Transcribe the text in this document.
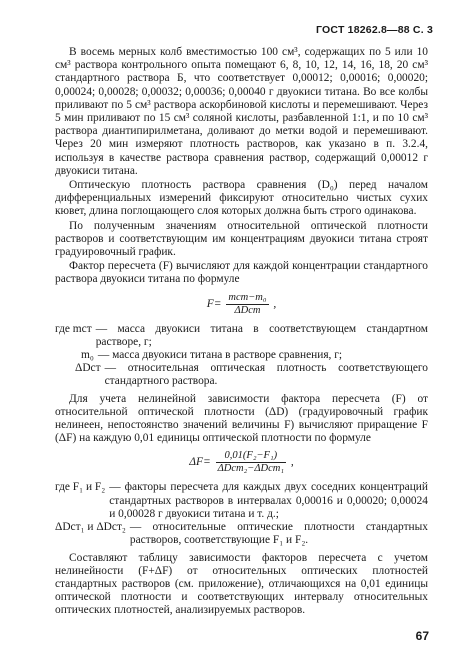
ГОСТ 18262.8—88 С. 3

В восемь мерных колб вместимостью 100 см³, содержащих по 5 или 10 см³ раствора контрольного опыта помещают 6, 8, 10, 12, 14, 16, 18, 20 см³ стандартного раствора Б, что соответствует 0,00012; 0,00016; 0,00020; 0,00024; 0,00028; 0,00032; 0,00036; 0,00040 г двуокиси титана. Во все колбы приливают по 5 см³ раствора аскорбиновой кислоты и перемешивают. Через 5 мин приливают по 15 см³ соляной кислоты, разбавленной 1:1, и по 10 см³ раствора диантипирилметана, доливают до метки водой и перемешивают. Через 20 мин измеряют плотность растворов, как указано в п. 3.2.4, используя в качестве раствора сравнения раствор, содержащий 0,00012 г двуокиси титана.

Оптическую плотность раствора сравнения (D₀) перед началом дифференциальных измерений фиксируют относительно чистых сухих кювет, длина поглощающего слоя которых должна быть строго одинакова.

По полученным значениям относительной оптической плотности растворов и соответствующим им концентрациям двуокиси титана строят градуировочный график.

Фактор пересчета (F) вычисляют для каждой концентрации стандартного раствора двуокиси титана по формуле

$F= \frac{\text{mст−m₀}}{\text{ΔDст}}$ ,
где mст — масса двуокиси титана в соответствующем стандартном растворе, г;
m₀ — масса двуокиси титана в растворе сравнения, г;
ΔDст — относительная оптическая плотность соответствующего стандартного раствора.

Для учета нелинейной зависимости фактора пересчета (F) от относительной оптической плотности (ΔD) (градуировочный график нелинеен, непостоянство значений величины F) вычисляют приращение F (ΔF) на каждую 0,01 единицы оптической плотности по формуле

$\Delta F= \frac{\text{0,01(F₂−F₁)}}{\text{ΔDст₂−ΔDст₁}}$ ,
где F₁ и F₂ — факторы пересчета для каждых двух соседних концентраций стандартных растворов в интервалах 0,00016 и 0,00020; 0,00024 и 0,00028 г двуокиси титана и т. д.;
ΔDст₁ и ΔDст₂ — относительные оптические плотности стандартных растворов, соответствующие F₁ и F₂.

Составляют таблицу зависимости факторов пересчета с учетом нелинейности (F+ΔF) от относительных оптических плотностей стандартных растворов (см. приложение), отличающихся на 0,01 единицы оптической плотности и соответствующих интервалу относительных оптических плотностей, анализируемых растворов.

67
